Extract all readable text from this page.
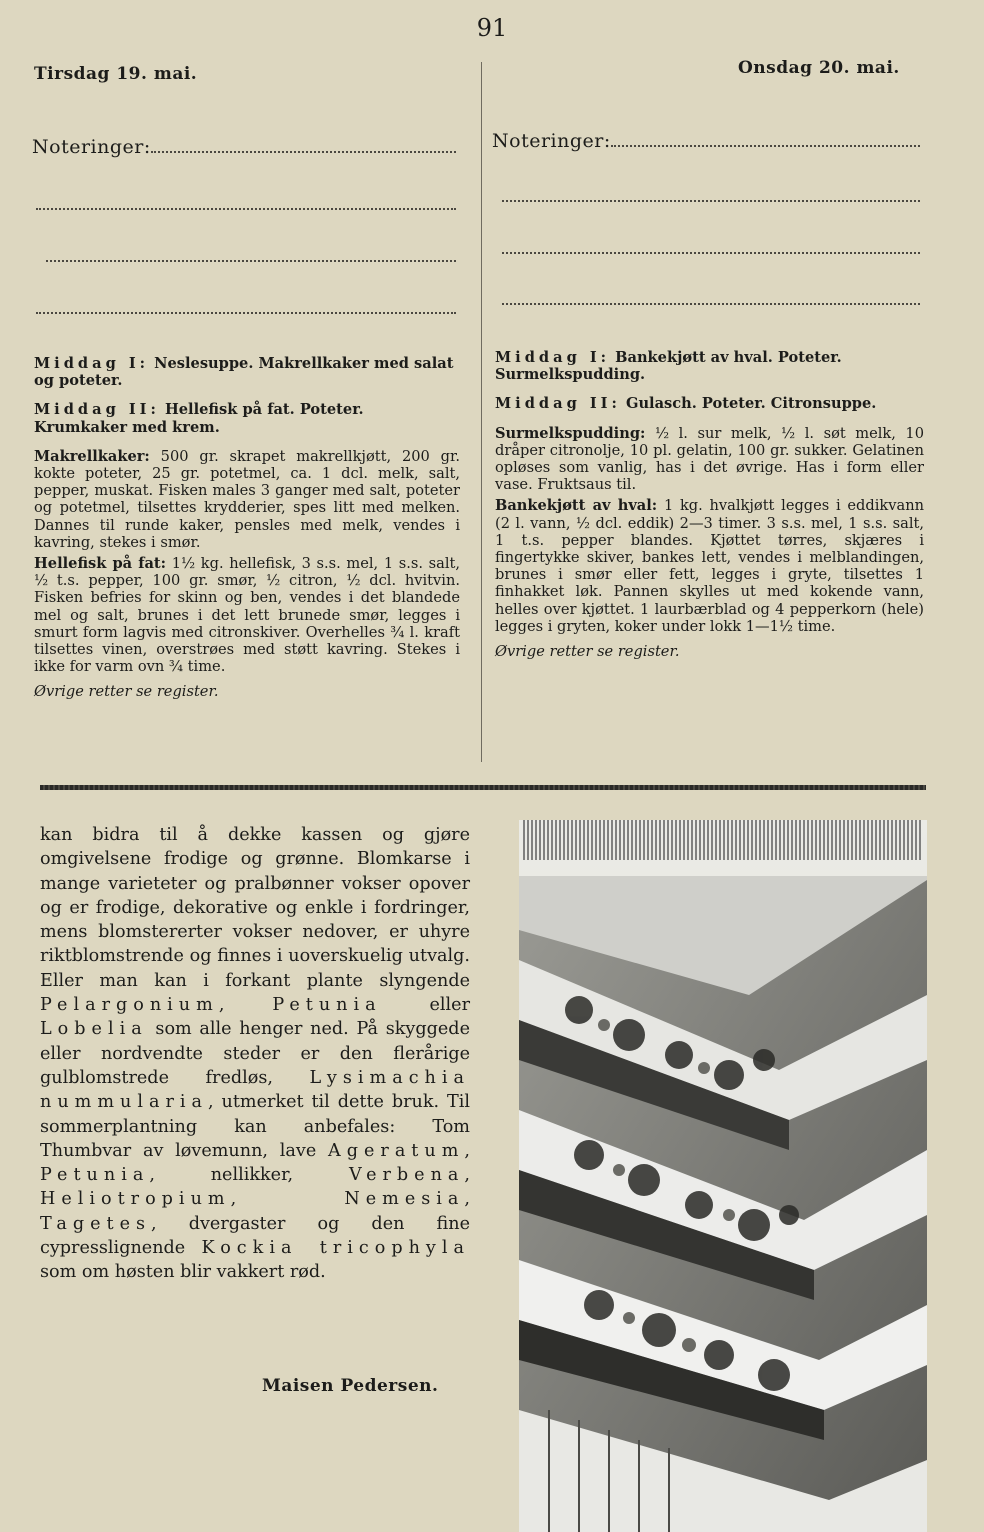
91
Tirsdag 19. mai.
Noteringer:

Middag I: Neslesuppe. Makrellkaker med salat og poteter.

Middag II: Hellefisk på fat. Poteter. Krumkaker med krem.

Makrellkaker: 500 gr. skrapet makrellkjøtt, 200 gr. kokte poteter, 25 gr. potetmel, ca. 1 dcl. melk, salt, pepper, muskat. Fisken males 3 ganger med salt, poteter og potetmel, tilsettes krydderier, spes litt med melken. Dannes til runde kaker, pensles med melk, vendes i kavring, stekes i smør.

Hellefisk på fat: 1½ kg. hellefisk, 3 s.s. mel, 1 s.s. salt, ½ t.s. pepper, 100 gr. smør, ½ citron, ½ dcl. hvitvin. Fisken befries for skinn og ben, vendes i det blandede mel og salt, brunes i det lett brunede smør, legges i smurt form lagvis med citronskiver. Overhelles ¾ l. kraft tilsettes vinen, overstrøes med støtt kavring. Stekes i ikke for varm ovn ¾ time.

Øvrige retter se register.

Onsdag 20. mai.
Noteringer:

Middag I: Bankekjøtt av hval. Poteter. Surmelkspudding.

Middag II: Gulasch. Poteter. Citronsuppe.

Surmelkspudding: ½ l. sur melk, ½ l. søt melk, 10 dråper citronolje, 10 pl. gelatin, 100 gr. sukker. Gelatinen opløses som vanlig, has i det øvrige. Has i form eller vase. Fruktsaus til.

Bankekjøtt av hval: 1 kg. hvalkjøtt legges i eddikvann (2 l. vann, ½ dcl. eddik) 2—3 timer. 3 s.s. mel, 1 s.s. salt, 1 t.s. pepper blandes. Kjøttet tørres, skjæres i fingertykke skiver, bankes lett, vendes i melblandingen, brunes i smør eller fett, legges i gryte, tilsettes 1 finhakket løk. Pannen skylles ut med kokende vann, helles over kjøttet. 1 laurbærblad og 4 pepperkorn (hele) legges i gryten, koker under lokk 1—1½ time.

Øvrige retter se register.

kan bidra til å dekke kassen og gjøre omgivelsene frodige og grønne. Blomkarse i mange varieteter og pralbønner vokser opover og er frodige, dekorative og enkle i fordringer, mens blomstererter vokser nedover, er uhyre riktblomstrende og finnes i uoverskuelig utvalg. Eller man kan i forkant plante slyngende Pelargonium, Petunia eller Lobelia som alle henger ned. På skyggede eller nordvendte steder er den flerårige gulblomstrede fredløs, Lysimachia nummularia, utmerket til dette bruk. Til sommerplantning kan anbefales: Tom Thumbvar av løvemunn, lave Ageratum, Petunia, nellikker, Verbena, Heliotropium, Nemesia, Tagetes, dvergaster og den fine cypresslignende Kockia tricophyla som om høsten blir vakkert rød.
Maisen Pedersen.
